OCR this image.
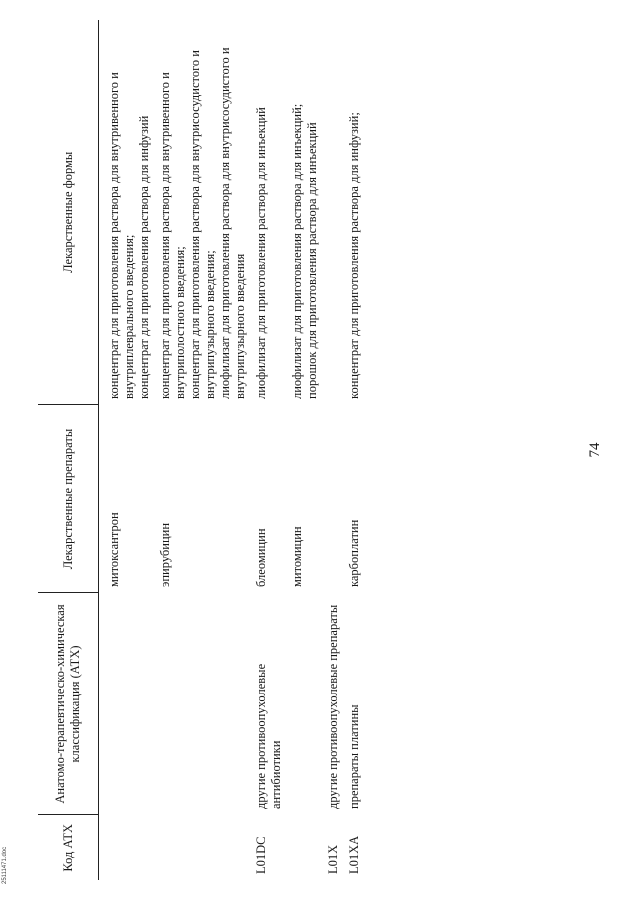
74
Код АТХ	Анатомо-терапевтическо-химическая классификация (АТХ)	Лекарственные препараты	Лекарственные формы
		митоксантрон	концентрат для приготовления раствора для внутривенного и внутриплеврального введения; концентрат для приготовления раствора для инфузий

		эпирубицин	концентрат для приготовления раствора для внутривенного и внутриполостного введения; концентрат для приготовления раствора для внутрисосудистого и внутрипузырного введения; лиофилизат для приготовления раствора для внутрисосудистого и внутрипузырного введения

L01DC	другие противоопухолевые антибиотики	блеомицин	лиофилизат для приготовления раствора для инъекций

		митомицин	лиофилизат для приготовления раствора для инъекций; порошок для приготовления раствора для инъекций

L01X	другие противоопухолевые препараты		
L01XA	препараты платины	карбоплатин	концентрат для приготовления раствора для инфузий;
25111471.doc
